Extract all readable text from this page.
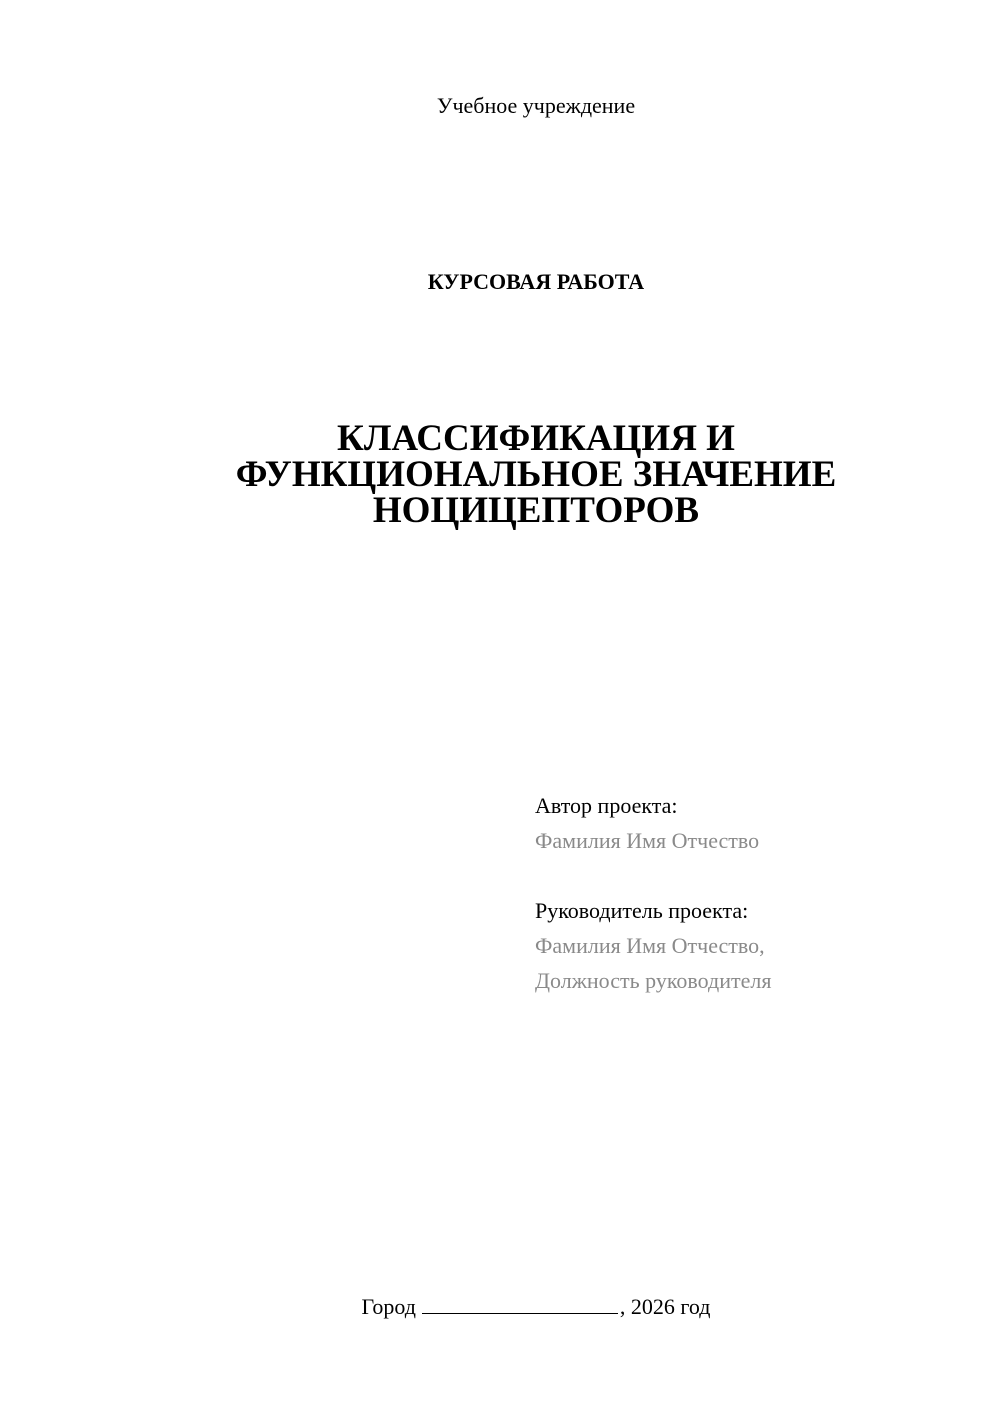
Учебное учреждение
КУРСОВАЯ РАБОТА
КЛАССИФИКАЦИЯ И
ФУНКЦИОНАЛЬНОЕ ЗНАЧЕНИЕ
НОЦИЦЕПТОРОВ
Автор проекта:
Фамилия Имя Отчество
Руководитель проекта:
Фамилия Имя Отчество,
Должность руководителя
Город	, 2026 год
